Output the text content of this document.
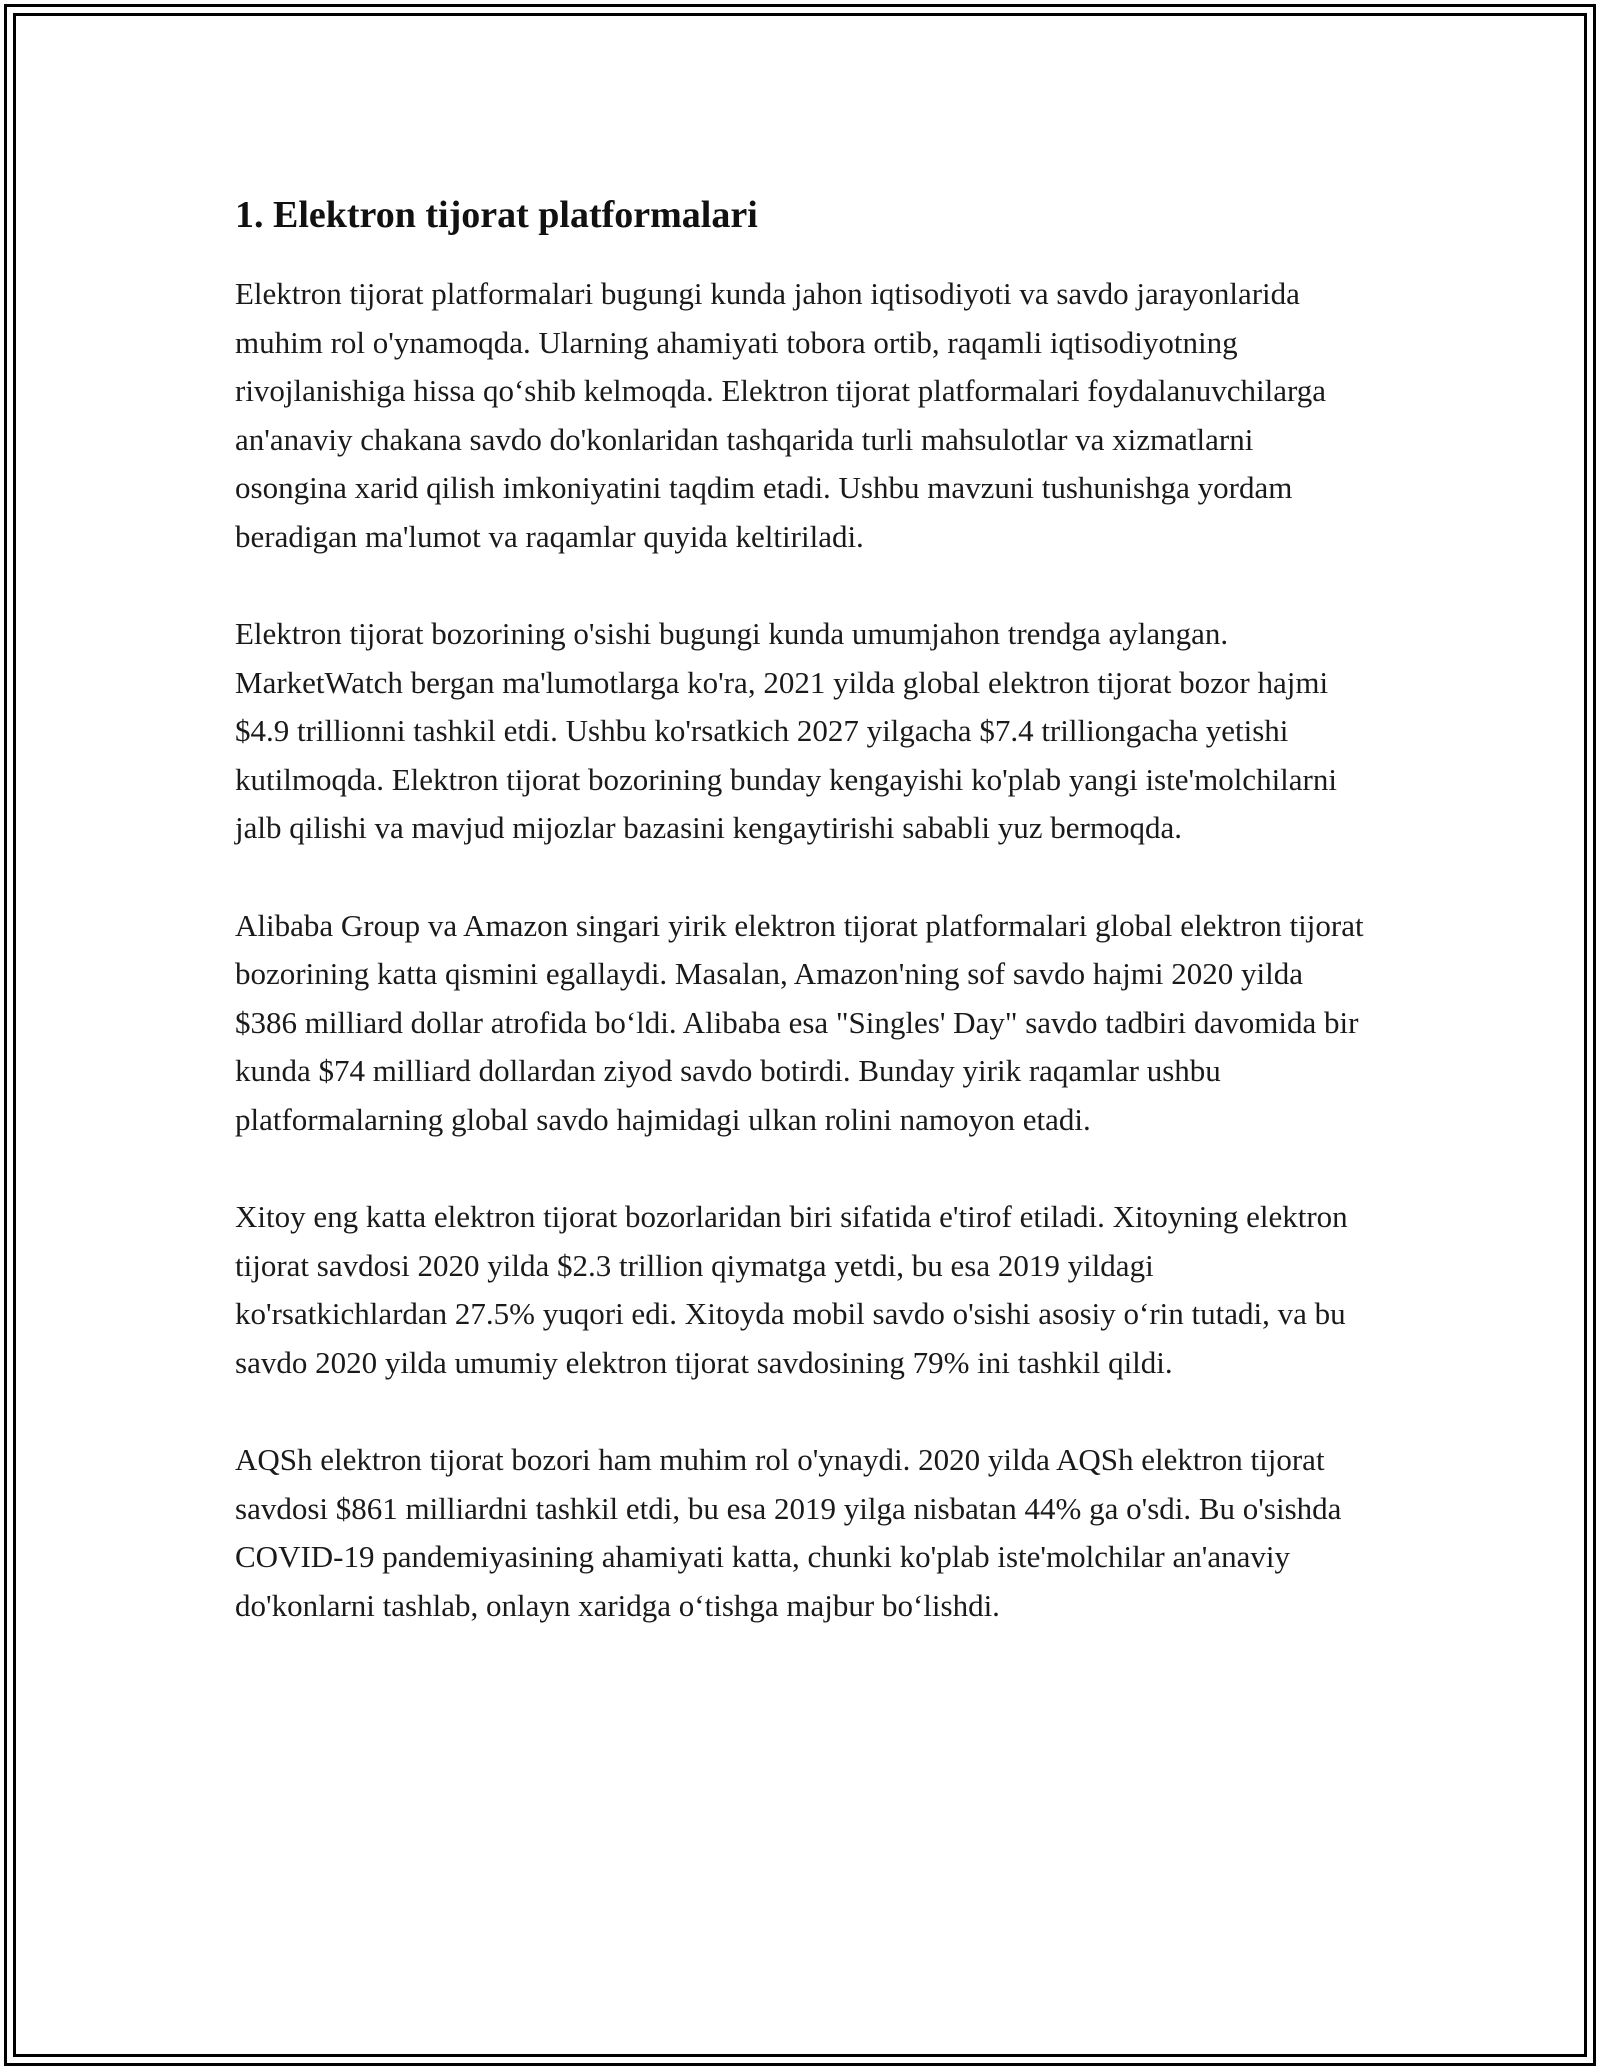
1. Elektron tijorat platformalari

Elektron tijorat platformalari bugungi kunda jahon iqtisodiyoti va savdo jarayonlarida muhim rol o'ynamoqda. Ularning ahamiyati tobora ortib, raqamli iqtisodiyotning rivojlanishiga hissa qo‘shib kelmoqda. Elektron tijorat platformalari foydalanuvchilarga an'anaviy chakana savdo do'konlaridan tashqarida turli mahsulotlar va xizmatlarni osongina xarid qilish imkoniyatini taqdim etadi. Ushbu mavzuni tushunishga yordam beradigan ma'lumot va raqamlar quyida keltiriladi.

Elektron tijorat bozorining o'sishi bugungi kunda umumjahon trendga aylangan. MarketWatch bergan ma'lumotlarga ko'ra, 2021 yilda global elektron tijorat bozor hajmi $4.9 trillionni tashkil etdi. Ushbu ko'rsatkich 2027 yilgacha $7.4 trilliongacha yetishi kutilmoqda. Elektron tijorat bozorining bunday kengayishi ko'plab yangi iste'molchilarni jalb qilishi va mavjud mijozlar bazasini kengaytirishi sababli yuz bermoqda.

Alibaba Group va Amazon singari yirik elektron tijorat platformalari global elektron tijorat bozorining katta qismini egallaydi. Masalan, Amazon'ning sof savdo hajmi 2020 yilda $386 milliard dollar atrofida bo‘ldi. Alibaba esa "Singles' Day" savdo tadbiri davomida bir kunda $74 milliard dollardan ziyod savdo botirdi. Bunday yirik raqamlar ushbu platformalarning global savdo hajmidagi ulkan rolini namoyon etadi.

Xitoy eng katta elektron tijorat bozorlaridan biri sifatida e'tirof etiladi. Xitoyning elektron tijorat savdosi 2020 yilda $2.3 trillion qiymatga yetdi, bu esa 2019 yildagi ko'rsatkichlardan 27.5% yuqori edi. Xitoyda mobil savdo o'sishi asosiy o‘rin tutadi, va bu savdo 2020 yilda umumiy elektron tijorat savdosining 79% ini tashkil qildi.

AQSh elektron tijorat bozori ham muhim rol o'ynaydi. 2020 yilda AQSh elektron tijorat savdosi $861 milliardni tashkil etdi, bu esa 2019 yilga nisbatan 44% ga o'sdi. Bu o'sishda COVID-19 pandemiyasining ahamiyati katta, chunki ko'plab iste'molchilar an'anaviy do'konlarni tashlab, onlayn xaridga o‘tishga majbur bo‘lishdi.
